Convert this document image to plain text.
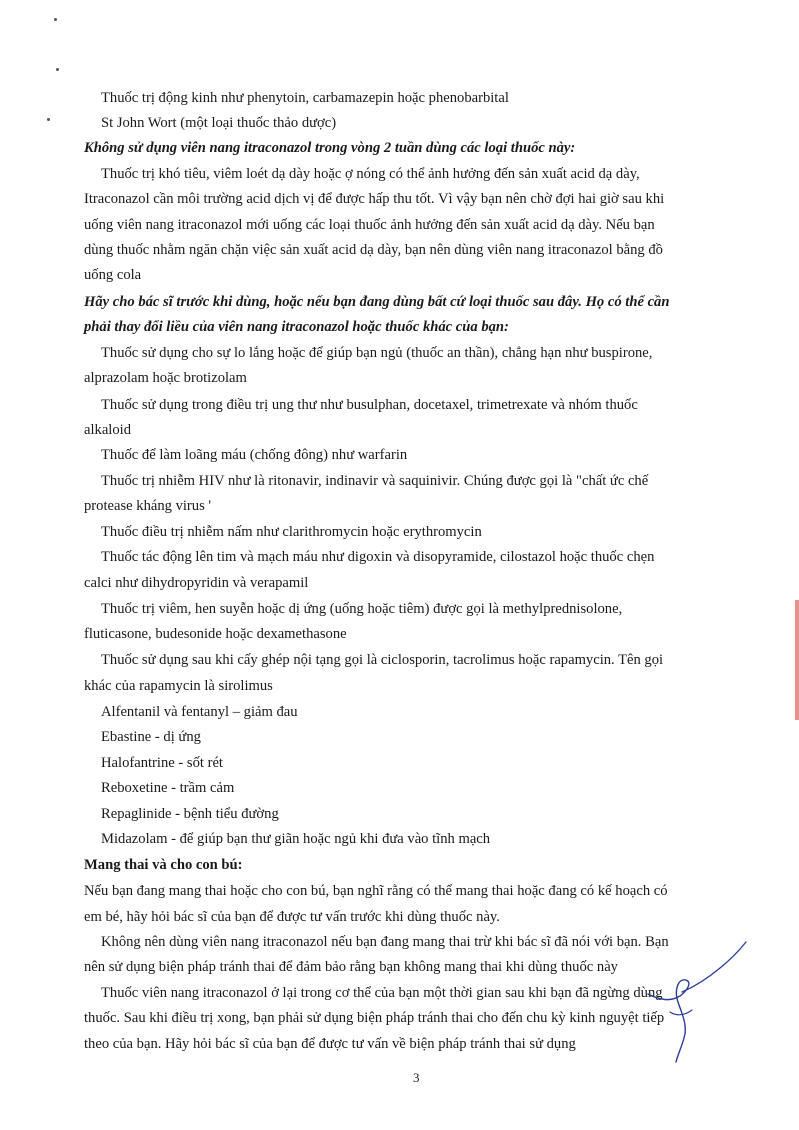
Thuốc trị động kinh như phenytoin, carbamazepin hoặc phenobarbital
St John Wort (một loại thuốc thảo dược)
Không sử dụng viên nang itraconazol trong vòng 2 tuần dùng các loại thuốc này:
Thuốc trị khó tiêu, viêm loét dạ dày hoặc ợ nóng có thể ảnh hưởng đến sản xuất acid dạ dày,
Itraconazol cần môi trường acid dịch vị để được hấp thu tốt. Vì vậy bạn nên chờ đợi hai giờ sau khi
uống viên nang itraconazol mới uống các loại thuốc ảnh hưởng đến sản xuất acid dạ dày. Nếu bạn
dùng thuốc nhằm ngăn chặn việc sản xuất acid dạ dày, bạn nên dùng viên nang itraconazol bằng đồ
uống cola
Hãy cho bác sĩ trước khi dùng, hoặc nếu bạn đang dùng bất cứ loại thuốc sau đây. Họ có thể cần
phải thay đổi liều của viên nang itraconazol hoặc thuốc khác của bạn:
Thuốc sử dụng cho sự lo lắng hoặc để giúp bạn ngủ (thuốc an thần), chẳng hạn như buspirone,
alprazolam hoặc brotizolam
Thuốc sử dụng trong điều trị ung thư như busulphan, docetaxel, trimetrexate và nhóm thuốc
alkaloid
Thuốc để làm loãng máu (chống đông) như warfarin
Thuốc trị nhiễm HIV như là ritonavir, indinavir và saquinivir. Chúng được gọi là "chất ức chế
protease kháng virus '
Thuốc điều trị nhiễm nấm như clarithromycin hoặc erythromycin
Thuốc tác động lên tim và mạch máu như digoxin và disopyramide, cilostazol hoặc thuốc chẹn
calci như dihydropyridin và verapamil
Thuốc trị viêm, hen suyễn hoặc dị ứng (uống hoặc tiêm) được gọi là methylprednisolone,
fluticasone, budesonide hoặc dexamethasone
Thuốc sử dụng sau khi cấy ghép nội tạng gọi là ciclosporin, tacrolimus hoặc rapamycin. Tên gọi
khác của rapamycin là sirolimus
Alfentanil và fentanyl – giảm đau
Ebastine - dị ứng
Halofantrine - sốt rét
Reboxetine - trầm cảm
Repaglinide - bệnh tiểu đường
Midazolam - để giúp bạn thư giãn hoặc ngủ khi đưa vào tĩnh mạch
Mang thai và cho con bú:
Nếu bạn đang mang thai hoặc cho con bú, bạn nghĩ rằng có thể mang thai hoặc đang có kế hoạch có
em bé, hãy hỏi bác sĩ của bạn để được tư vấn trước khi dùng thuốc này.
Không nên dùng viên nang itraconazol nếu bạn đang mang thai trừ khi bác sĩ đã nói với bạn. Bạn
nên sử dụng biện pháp tránh thai để đảm bảo rằng bạn không mang thai khi dùng thuốc này
Thuốc viên nang itraconazol ở lại trong cơ thể của bạn một thời gian sau khi bạn đã ngừng dùng
thuốc. Sau khi điều trị xong, bạn phải sử dụng biện pháp tránh thai cho đến chu kỳ kinh nguyệt tiếp
theo của bạn. Hãy hỏi bác sĩ của bạn để được tư vấn về biện pháp tránh thai sử dụng
3
